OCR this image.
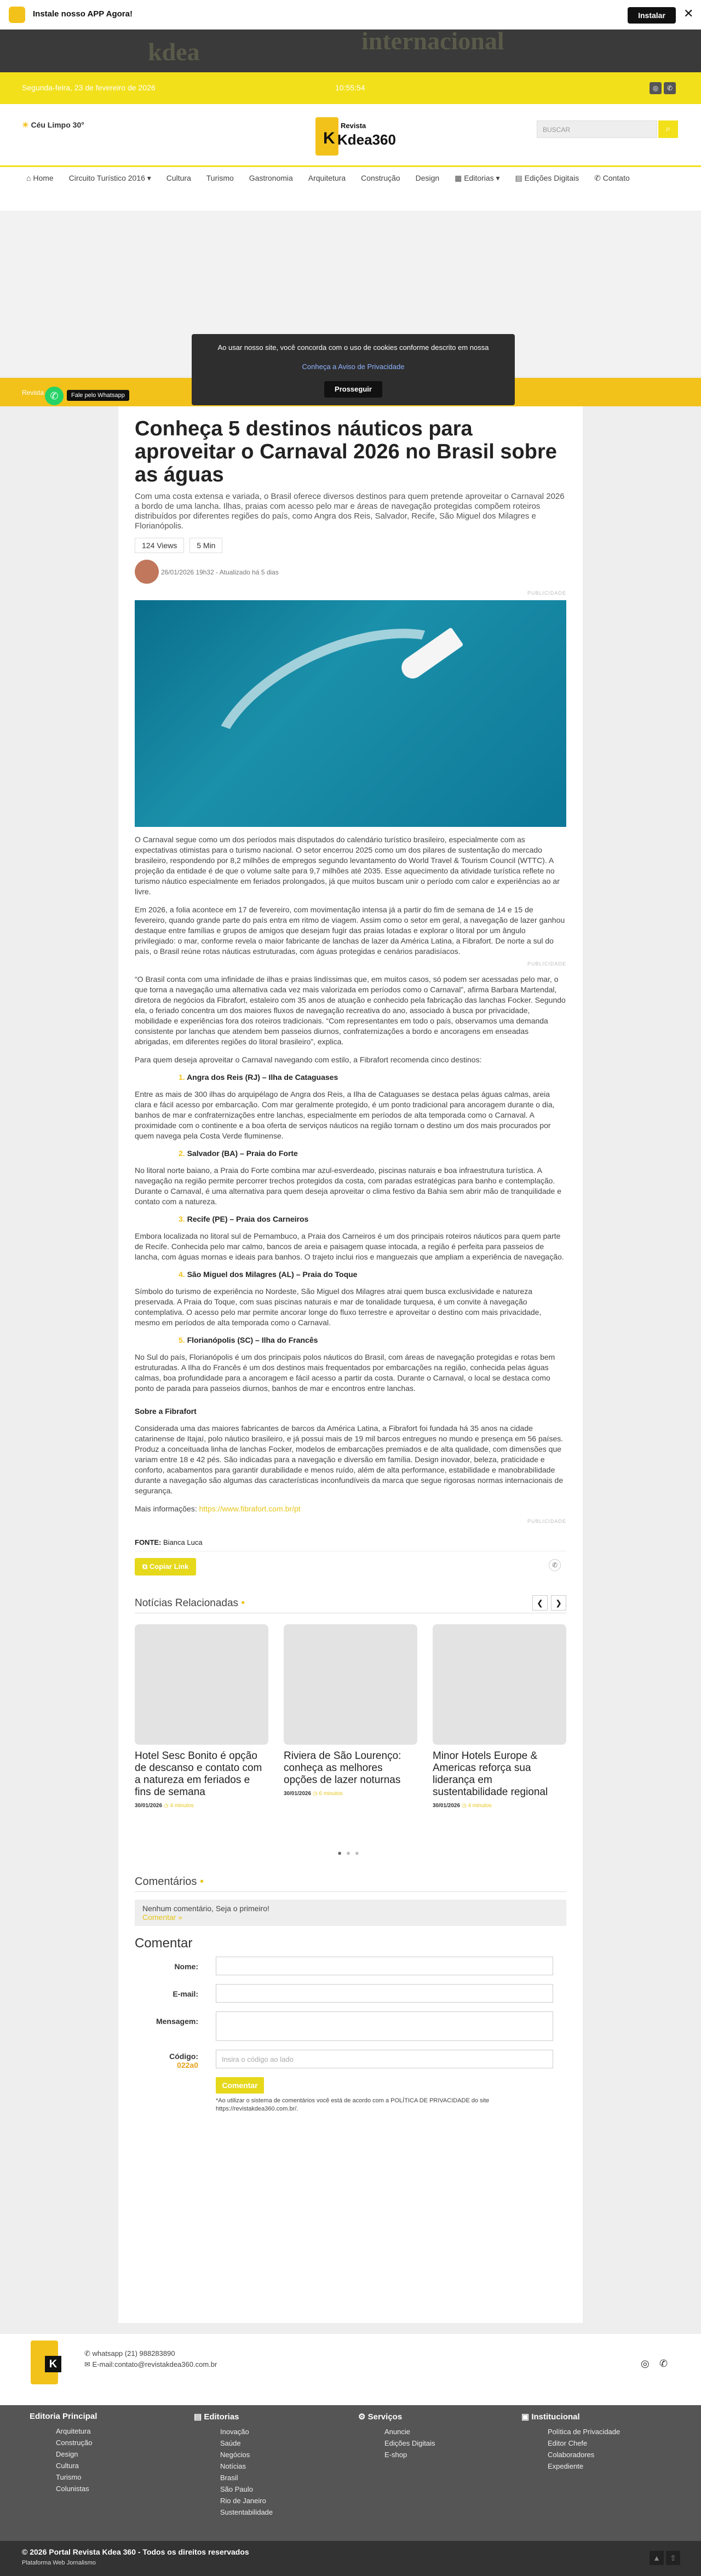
Instale nosso APP Agora!	Instalar	✕
kdea	internacional
Segunda-feira, 23 de fevereiro de 2026	10:55:54	◎	✆
☀ Céu Limpo 30°
K
Revista
Kdea360
BUSCAR	⌕
⌂ Home Circuito Turístico 2016 ▾ Cultura Turismo Gastronomia Arquitetura Construção Design ▦ Editorias ▾ ▤ Edições Digitais ✆ Contato
Revista ✆	Fale pelo Whatsapp
Ao usar nosso site, você concorda com o uso de cookies conforme descrito em nossa
Conheça a Aviso de Privacidade
Prosseguir
Conheça 5 destinos náuticos para aproveitar o Carnaval 2026 no Brasil sobre as águas

Com uma costa extensa e variada, o Brasil oferece diversos destinos para quem pretende aproveitar o Carnaval 2026 a bordo de uma lancha. Ilhas, praias com acesso pelo mar e áreas de navegação protegidas compõem roteiros distribuídos por diferentes regiões do país, como Angra dos Reis, Salvador, Recife, São Miguel dos Milagres e Florianópolis.

124 Views	5 Min
26/01/2026 19h32 - Atualizado há 5 dias
PUBLICIDADE

O Carnaval segue como um dos períodos mais disputados do calendário turístico brasileiro, especialmente com as expectativas otimistas para o turismo nacional. O setor encerrou 2025 como um dos pilares de sustentação do mercado brasileiro, respondendo por 8,2 milhões de empregos segundo levantamento do World Travel & Tourism Council (WTTC). A projeção da entidade é de que o volume salte para 9,7 milhões até 2035. Esse aquecimento da atividade turística reflete no turismo náutico especialmente em feriados prolongados, já que muitos buscam unir o período com calor e experiências ao ar livre.

Em 2026, a folia acontece em 17 de fevereiro, com movimentação intensa já a partir do fim de semana de 14 e 15 de fevereiro, quando grande parte do país entra em ritmo de viagem. Assim como o setor em geral, a navegação de lazer ganhou destaque entre famílias e grupos de amigos que desejam fugir das praias lotadas e explorar o litoral por um ângulo privilegiado: o mar, conforme revela o maior fabricante de lanchas de lazer da América Latina, a Fibrafort. De norte a sul do país, o Brasil reúne rotas náuticas estruturadas, com águas protegidas e cenários paradisíacos.

PUBLICIDADE

“O Brasil conta com uma infinidade de ilhas e praias lindíssimas que, em muitos casos, só podem ser acessadas pelo mar, o que torna a navegação uma alternativa cada vez mais valorizada em períodos como o Carnaval”, afirma Barbara Martendal, diretora de negócios da Fibrafort, estaleiro com 35 anos de atuação e conhecido pela fabricação das lanchas Focker. Segundo ela, o feriado concentra um dos maiores fluxos de navegação recreativa do ano, associado à busca por privacidade, mobilidade e experiências fora dos roteiros tradicionais. “Com representantes em todo o país, observamos uma demanda consistente por lanchas que atendem bem passeios diurnos, confraternizações a bordo e ancoragens em enseadas abrigadas, em diferentes regiões do litoral brasileiro”, explica.

Para quem deseja aproveitar o Carnaval navegando com estilo, a Fibrafort recomenda cinco destinos:

1. Angra dos Reis (RJ) – Ilha de Cataguases

Entre as mais de 300 ilhas do arquipélago de Angra dos Reis, a Ilha de Cataguases se destaca pelas águas calmas, areia clara e fácil acesso por embarcação. Com mar geralmente protegido, é um ponto tradicional para ancoragem durante o dia, banhos de mar e confraternizações entre lanchas, especialmente em períodos de alta temporada como o Carnaval. A proximidade com o continente e a boa oferta de serviços náuticos na região tornam o destino um dos mais procurados por quem navega pela Costa Verde fluminense.

2. Salvador (BA) – Praia do Forte

No litoral norte baiano, a Praia do Forte combina mar azul-esverdeado, piscinas naturais e boa infraestrutura turística. A navegação na região permite percorrer trechos protegidos da costa, com paradas estratégicas para banho e contemplação. Durante o Carnaval, é uma alternativa para quem deseja aproveitar o clima festivo da Bahia sem abrir mão de tranquilidade e contato com a natureza.

3. Recife (PE) – Praia dos Carneiros

Embora localizada no litoral sul de Pernambuco, a Praia dos Carneiros é um dos principais roteiros náuticos para quem parte de Recife. Conhecida pelo mar calmo, bancos de areia e paisagem quase intocada, a região é perfeita para passeios de lancha, com águas mornas e ideais para banhos. O trajeto inclui rios e manguezais que ampliam a experiência de navegação.

4. São Miguel dos Milagres (AL) – Praia do Toque

Símbolo do turismo de experiência no Nordeste, São Miguel dos Milagres atrai quem busca exclusividade e natureza preservada. A Praia do Toque, com suas piscinas naturais e mar de tonalidade turquesa, é um convite à navegação contemplativa. O acesso pelo mar permite ancorar longe do fluxo terrestre e aproveitar o destino com mais privacidade, mesmo em períodos de alta temporada como o Carnaval.

5. Florianópolis (SC) – Ilha do Francês

No Sul do país, Florianópolis é um dos principais polos náuticos do Brasil, com áreas de navegação protegidas e rotas bem estruturadas. A Ilha do Francês é um dos destinos mais frequentados por embarcações na região, conhecida pelas águas calmas, boa profundidade para a ancoragem e fácil acesso a partir da costa. Durante o Carnaval, o local se destaca como ponto de parada para passeios diurnos, banhos de mar e encontros entre lanchas.

Sobre a Fibrafort

Considerada uma das maiores fabricantes de barcos da América Latina, a Fibrafort foi fundada há 35 anos na cidade catarinense de Itajaí, polo náutico brasileiro, e já possui mais de 19 mil barcos entregues no mundo e presença em 56 países. Produz a conceituada linha de lanchas Focker, modelos de embarcações premiados e de alta qualidade, com dimensões que variam entre 18 e 42 pés. São indicadas para a navegação e diversão em família. Design inovador, beleza, praticidade e conforto, acabamentos para garantir durabilidade e menos ruído, além de alta performance, estabilidade e manobrabilidade durante a navegação são algumas das características inconfundíveis da marca que segue rigorosas normas internacionais de segurança.

Mais informações: https://www.fibrafort.com.br/pt

PUBLICIDADE
FONTE: Bianca Luca
⧉ Copiar Link	✆
Notícias Relacionadas •	❮	❯
Hotel Sesc Bonito é opção de descanso e contato com a natureza em feriados e fins de semana
30/01/2026 ◷ 4 minutos
Riviera de São Lourenço: conheça as melhores opções de lazer noturnas
30/01/2026 ◷ 6 minutos
Minor Hotels Europe & Americas reforça sua liderança em sustentabilidade regional
30/01/2026 ◷ 4 minutos
●●●
Comentários •
Nenhum comentário, Seja o primeiro!
Comentar »
Comentar
Nome:
E-mail:
Mensagem:
Código:
022a0
Insira o código ao lado
Comentar
*Ao utilizar o sistema de comentários você está de acordo com a POLÍTICA DE PRIVACIDADE do site https://revistakdea360.com.br/.
K
✆ whatsapp (21) 988283890
✉ E-mail:contato@revistakdea360.com.br	◎ ✆
Editoria Principal
Arquitetura
Construção
Design
Cultura
Turismo
Colunistas
▤ Editorias
Inovação
Saúde
Negócios
Notícias
Brasil
São Paulo
Rio de Janeiro
Sustentabilidade
⚙ Serviços
Anuncie
Edições Digitais
E-shop
▣ Institucional
Política de Privacidade
Editor Chefe
Colaboradores
Expediente
© 2026 Portal Revista Kdea 360 - Todos os direitos reservados
Plataforma Web Jornalismo
▲	⇧
